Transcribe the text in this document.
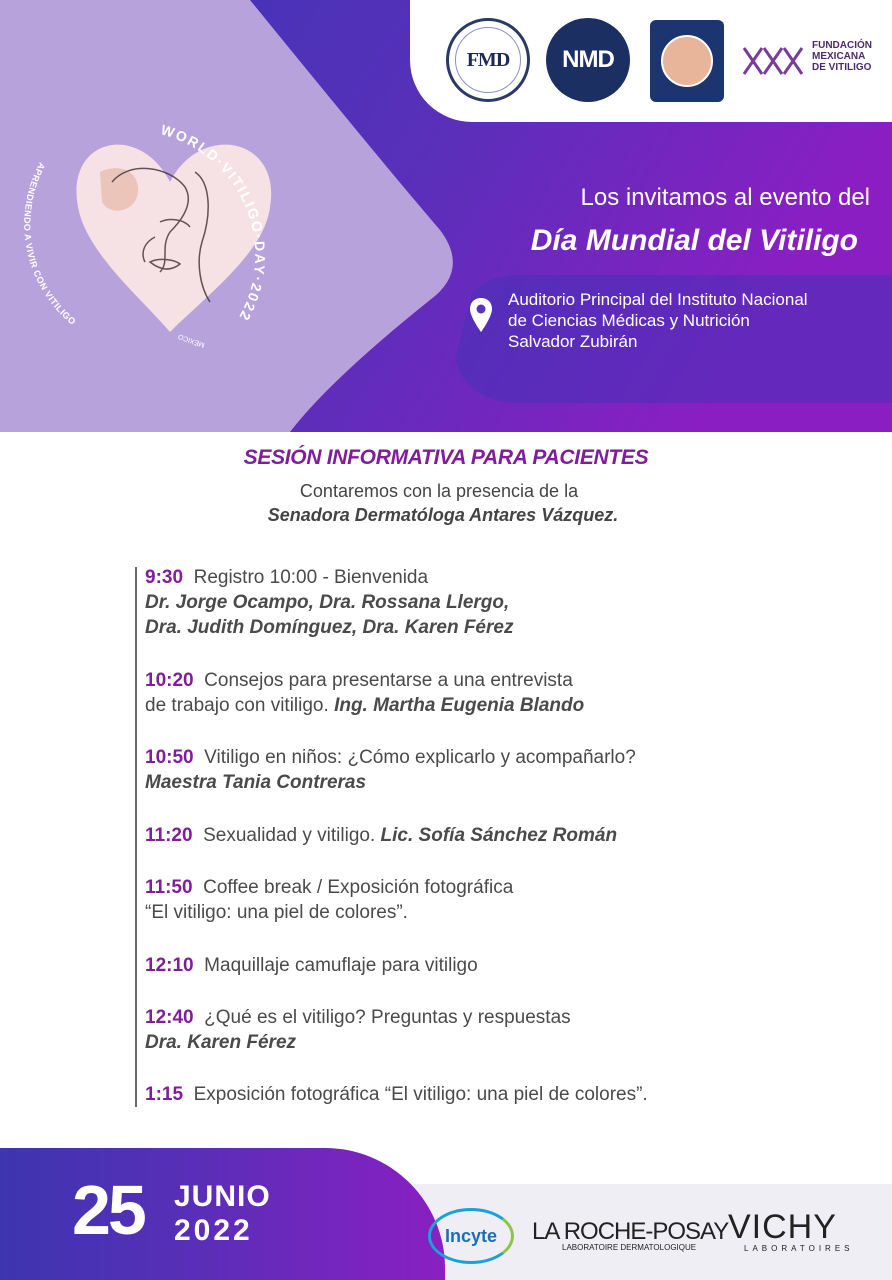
FMD NMD
FUNDACIÓN
MEXICANA
DE VITILIGO
WORLD·VITILIGO·DAY·2022
MÉXICO
APRENDIENDO A VIVIR CON VITILIGO
Los invitamos al evento del
Día Mundial del Vitiligo
Auditorio Principal del Instituto Nacional
de Ciencias Médicas y Nutrición
Salvador Zubirán
SESIÓN INFORMATIVA PARA PACIENTES
Contaremos con la presencia de la
Senadora Dermatóloga Antares Vázquez.
9:30 Registro 10:00 - Bienvenida
Dr. Jorge Ocampo, Dra. Rossana Llergo,
Dra. Judith Domínguez, Dra. Karen Férez
10:20 Consejos para presentarse a una entrevista
de trabajo con vitiligo. Ing. Martha Eugenia Blando
10:50 Vitiligo en niños: ¿Cómo explicarlo y acompañarlo?
Maestra Tania Contreras
11:20 Sexualidad y vitiligo. Lic. Sofía Sánchez Román
11:50 Coffee break / Exposición fotográfica
“El vitiligo: una piel de colores”.
12:10 Maquillaje camuflaje para vitiligo
12:40 ¿Qué es el vitiligo? Preguntas y respuestas
Dra. Karen Férez
1:15 Exposición fotográfica “El vitiligo: una piel de colores”.
25 JUNIO
2022	Incyte LA ROCHE-POSAY
LABORATOIRE DERMATOLOGIQUE
VICHY
LABORATOIRES
